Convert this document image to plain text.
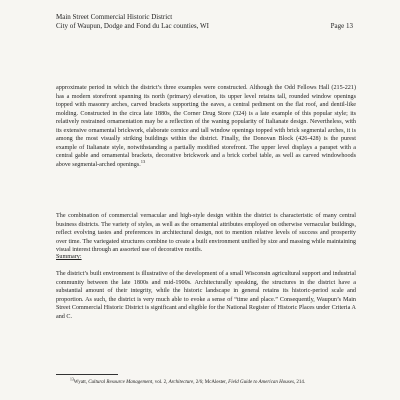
Main Street Commercial Historic District
City of Waupun, Dodge and Fond du Lac counties, WI	Page 13
approximate period in which the district’s three examples were constructed. Although the Odd Fellows Hall (215-221) has a modern storefront spanning its north (primary) elevation, its upper level retains tall, rounded window openings topped with masonry arches, carved brackets supporting the eaves, a central pediment on the flat roof, and dentil-like molding. Constructed in the circa late 1880s, the Corner Drug Store (324) is a late example of this popular style; its relatively restrained ornamentation may be a reflection of the waning popularity of Italianate design. Nevertheless, with its extensive ornamental brickwork, elaborate cornice and tall window openings topped with brick segmental arches, it is among the most visually striking buildings within the district. Finally, the Donovan Block (426-428) is the purest example of Italianate style, notwithstanding a partially modified storefront. The upper level displays a parapet with a central gable and ornamental brackets, decorative brickwork and a brick corbel table, as well as carved windowhoods above segmental-arched openings.$^{13}$
The combination of commercial vernacular and high-style design within the district is characteristic of many central business districts. The variety of styles, as well as the ornamental attributes employed on otherwise vernacular buildings, reflect evolving tastes and preferences in architectural design, not to mention relative levels of success and prosperity over time. The variegated structures combine to create a built environment unified by size and massing while maintaining visual interest through an assorted use of decorative motifs.
Summary:
The district’s built environment is illustrative of the development of a small Wisconsin agricultural support and industrial community between the late 1800s and mid-1900s. Architecturally speaking, the structures in the district have a substantial amount of their integrity, while the historic landscape in general retains its historic-period scale and proportion. As such, the district is very much able to evoke a sense of “time and place.” Consequently, Waupun’s Main Street Commercial Historic District is significant and eligible for the National Register of Historic Places under Criteria A and C.
$^{13}$Wyatt, Cultural Resource Management, vol. 2, Architecture, 2/6; McAlester, Field Guide to American Houses, 214.
